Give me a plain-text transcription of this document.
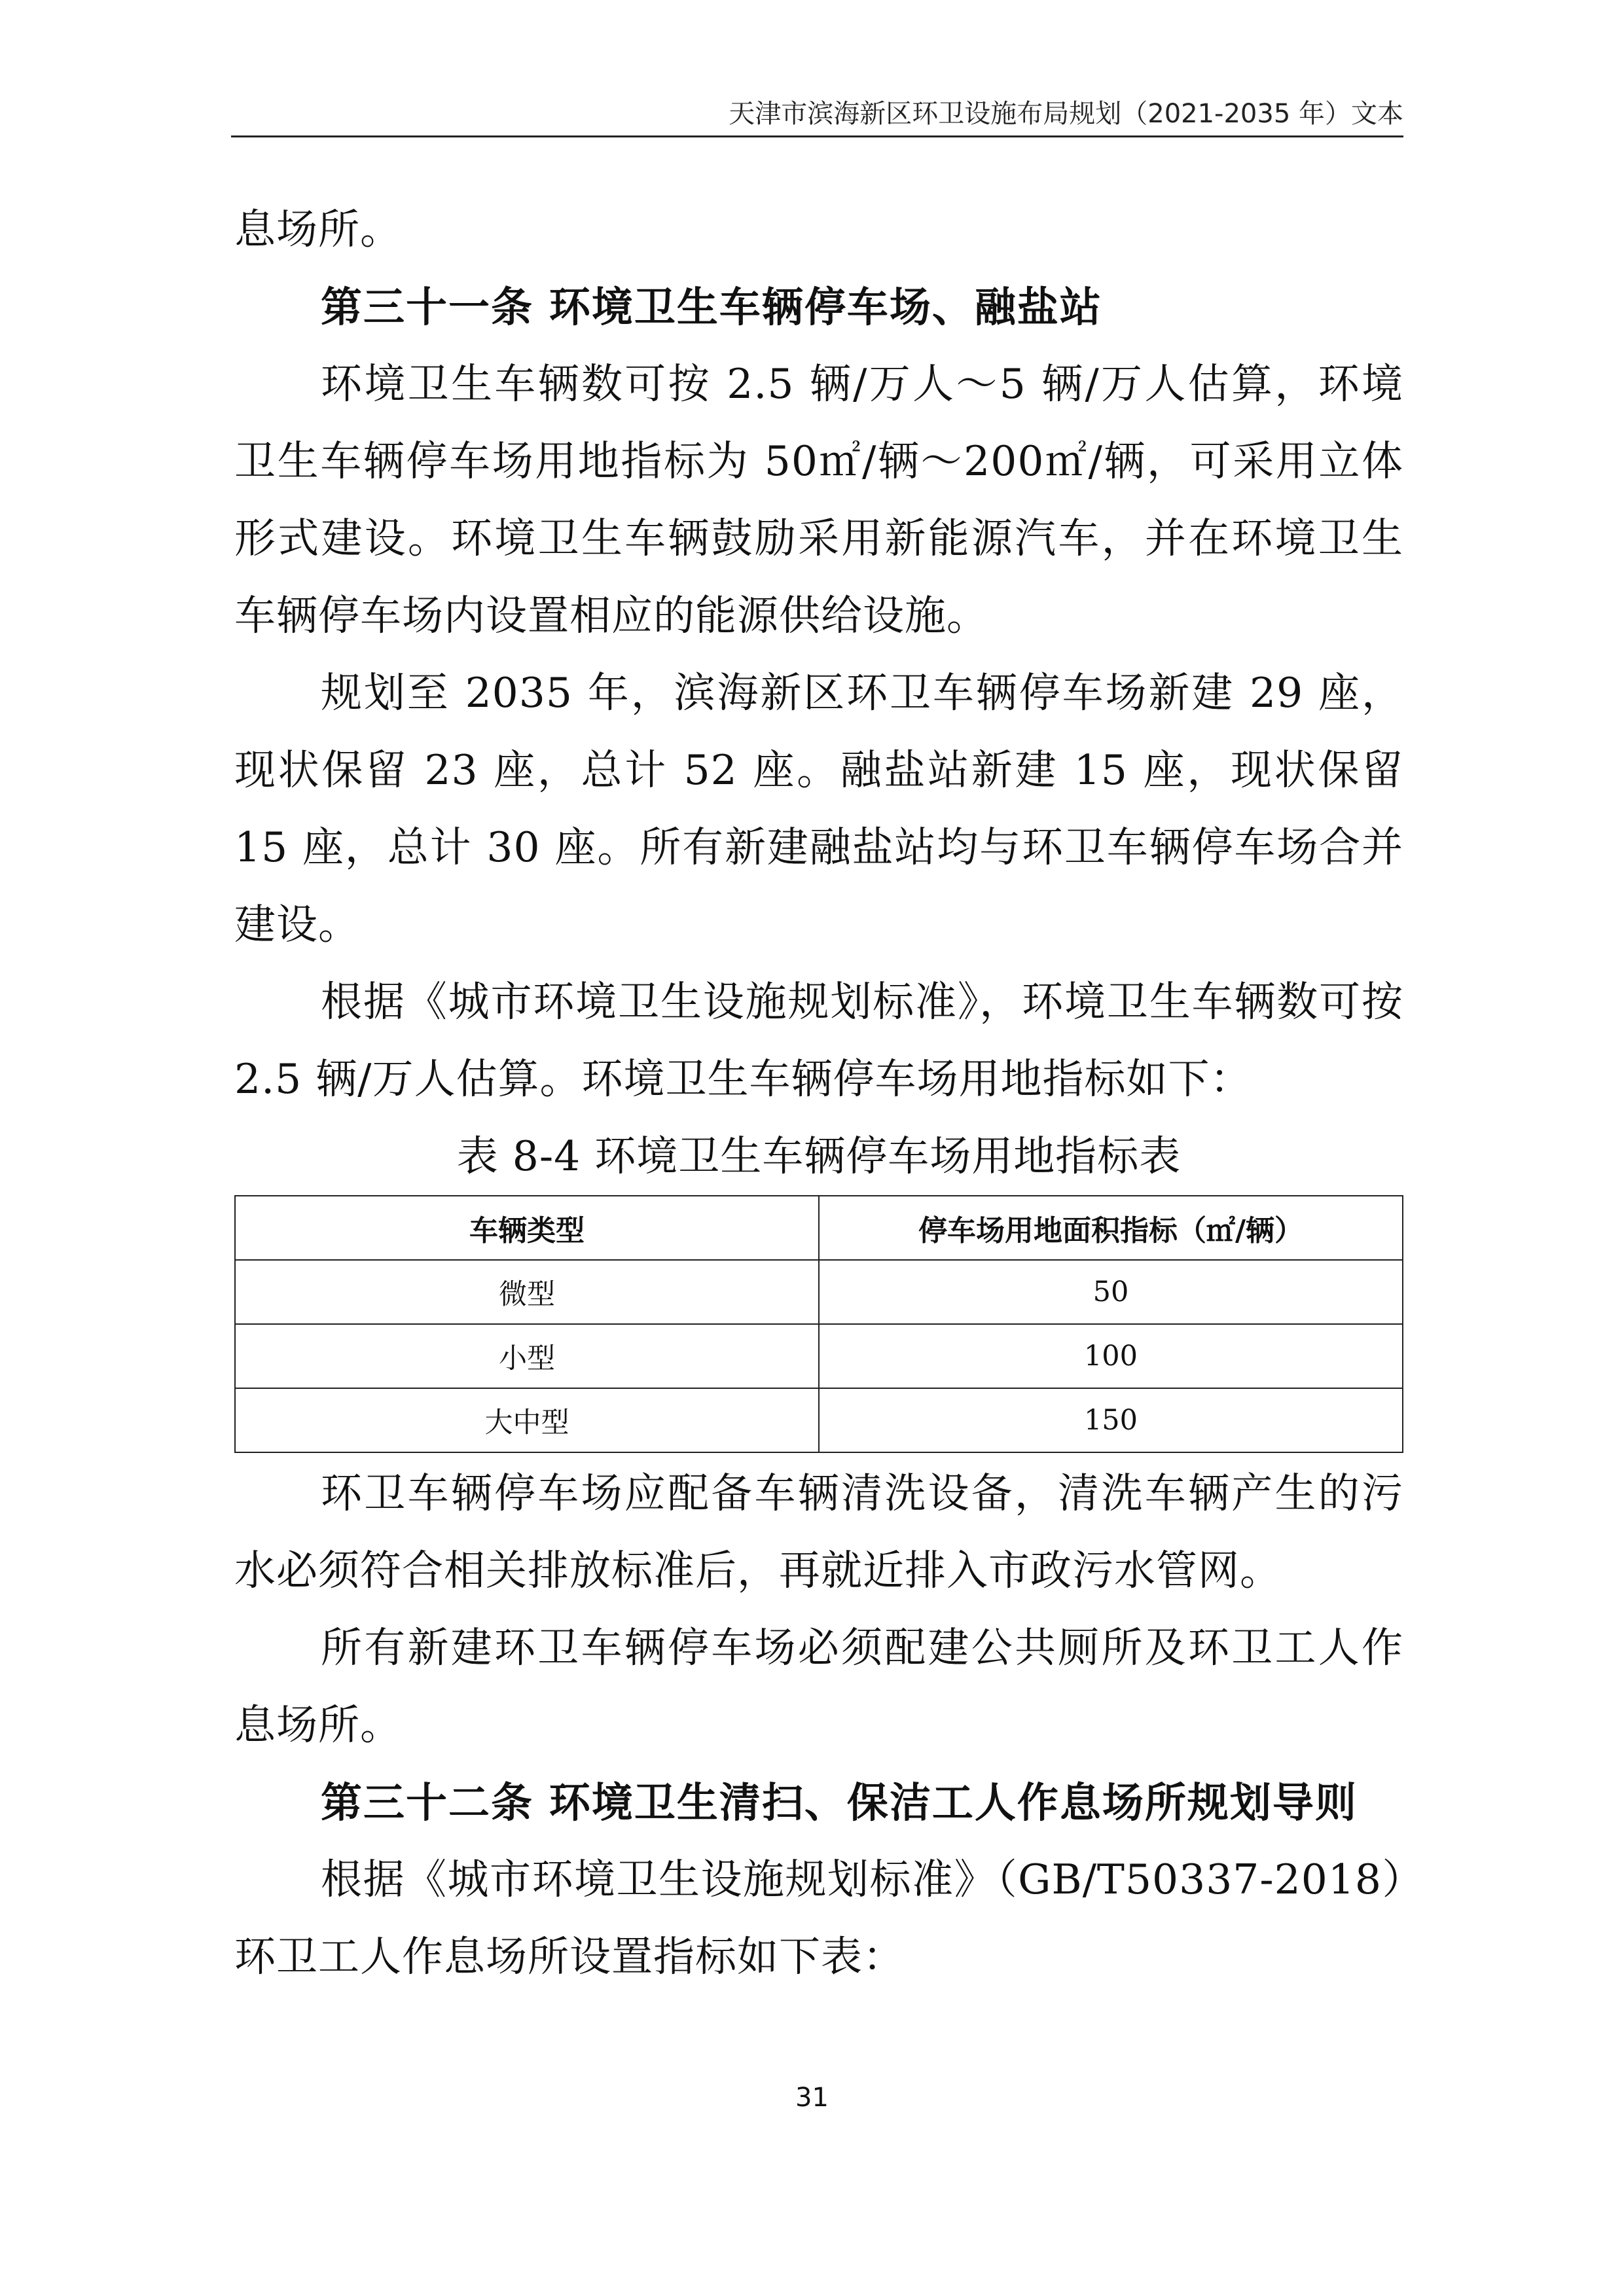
天津市滨海新区环卫设施布局规划（2021-2035 年）文本

息场所。

第三十一条 环境卫生车辆停车场、融盐站

环境卫生车辆数可按 2.5 辆/万人～5 辆/万人估算，环境卫生车辆停车场用地指标为 50㎡/辆～200㎡/辆，可采用立体形式建设。环境卫生车辆鼓励采用新能源汽车，并在环境卫生车辆停车场内设置相应的能源供给设施。

规划至 2035 年，滨海新区环卫车辆停车场新建 29 座，现状保留 23 座，总计 52 座。融盐站新建 15 座，现状保留 15 座，总计 30 座。所有新建融盐站均与环卫车辆停车场合并建设。

根据《城市环境卫生设施规划标准》，环境卫生车辆数可按 2.5 辆/万人估算。环境卫生车辆停车场用地指标如下：

表 8-4 环境卫生车辆停车场用地指标表

车辆类型	停车场用地面积指标（㎡/辆）
微型	50
小型	100
大中型	150

环卫车辆停车场应配备车辆清洗设备，清洗车辆产生的污水必须符合相关排放标准后，再就近排入市政污水管网。

所有新建环卫车辆停车场必须配建公共厕所及环卫工人作息场所。

第三十二条 环境卫生清扫、保洁工人作息场所规划导则

根据《城市环境卫生设施规划标准》（GB/T50337-2018）环卫工人作息场所设置指标如下表：

31
